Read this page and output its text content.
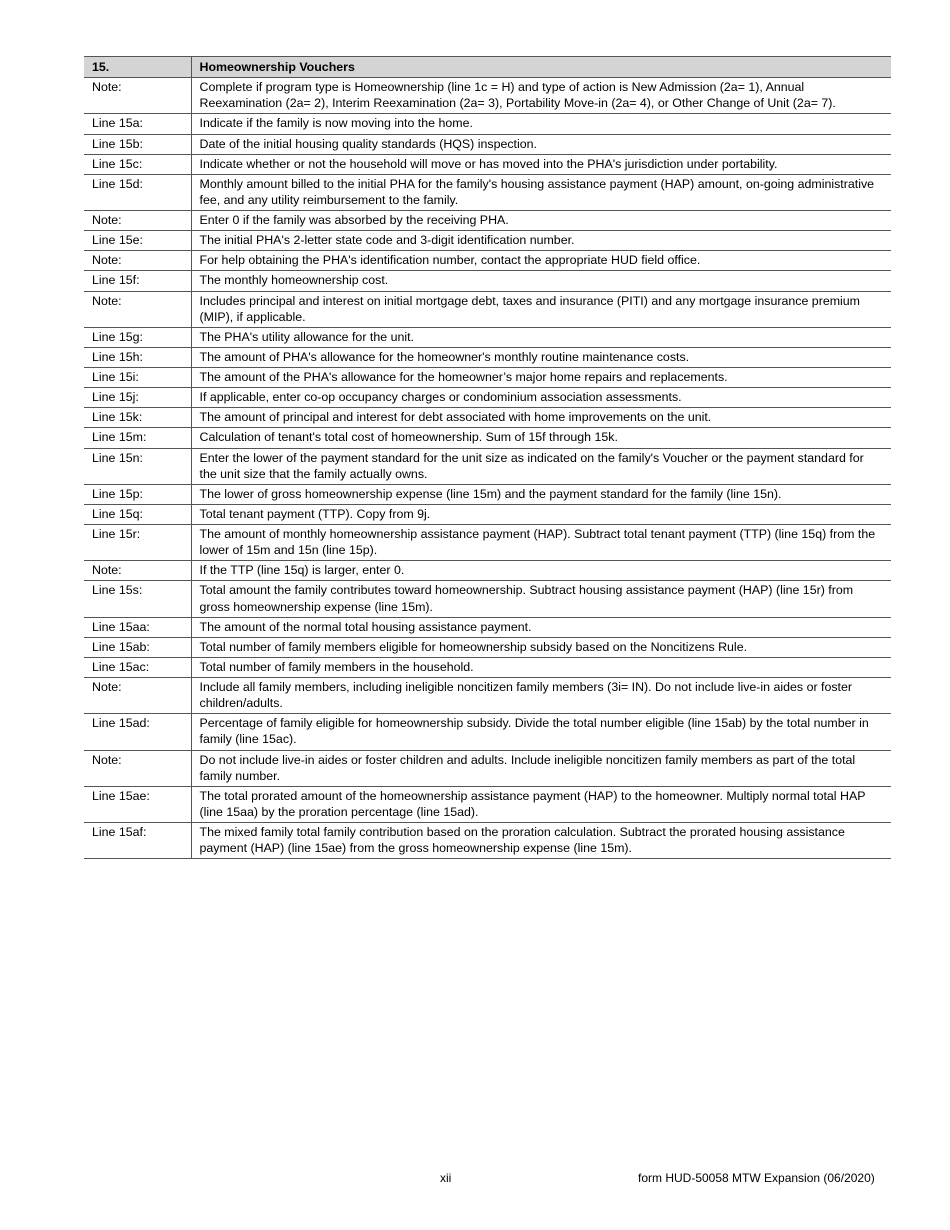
15.	Homeownership Vouchers
Note:	Complete if program type is Homeownership (line 1c = H) and type of action is New Admission (2a= 1), Annual Reexamination (2a= 2), Interim Reexamination (2a= 3), Portability Move-in (2a= 4), or Other Change of Unit (2a= 7).
Line 15a:	Indicate if the family is now moving into the home.
Line 15b:	Date of the initial housing quality standards (HQS) inspection.
Line 15c:	Indicate whether or not the household will move or has moved into the PHA's jurisdiction under portability.
Line 15d:	Monthly amount billed to the initial PHA for the family's housing assistance payment (HAP) amount, on-going administrative fee, and any utility reimbursement to the family.
Note:	Enter 0 if the family was absorbed by the receiving PHA.
Line 15e:	The initial PHA's 2-letter state code and 3-digit identification number.
Note:	For help obtaining the PHA's identification number, contact the appropriate HUD field office.
Line 15f:	The monthly homeownership cost.
Note:	Includes principal and interest on initial mortgage debt, taxes and insurance (PITI) and any mortgage insurance premium (MIP), if applicable.
Line 15g:	The PHA's utility allowance for the unit.
Line 15h:	The amount of PHA's allowance for the homeowner's monthly routine maintenance costs.
Line 15i:	The amount of the PHA's allowance for the homeowner’s major home repairs and replacements.
Line 15j:	If applicable, enter co-op occupancy charges or condominium association assessments.
Line 15k:	The amount of principal and interest for debt associated with home improvements on the unit.
Line 15m:	Calculation of tenant's total cost of homeownership. Sum of 15f through 15k.
Line 15n:	Enter the lower of the payment standard for the unit size as indicated on the family's Voucher or the payment standard for the unit size that the family actually owns.
Line 15p:	The lower of gross homeownership expense (line 15m) and the payment standard for the family (line 15n).
Line 15q:	Total tenant payment (TTP). Copy from 9j.
Line 15r:	The amount of monthly homeownership assistance payment (HAP). Subtract total tenant payment (TTP) (line 15q) from the lower of 15m and 15n (line 15p).
Note:	If the TTP (line 15q) is larger, enter 0.
Line 15s:	Total amount the family contributes toward homeownership. Subtract housing assistance payment (HAP) (line 15r) from gross homeownership expense (line 15m).
Line 15aa:	The amount of the normal total housing assistance payment.
Line 15ab:	Total number of family members eligible for homeownership subsidy based on the Noncitizens Rule.
Line 15ac:	Total number of family members in the household.
Note:	Include all family members, including ineligible noncitizen family members (3i= IN). Do not include live-in aides or foster children/adults.
Line 15ad:	Percentage of family eligible for homeownership subsidy. Divide the total number eligible (line 15ab) by the total number in family (line 15ac).
Note:	Do not include live-in aides or foster children and adults. Include ineligible noncitizen family members as part of the total family number.
Line 15ae:	The total prorated amount of the homeownership assistance payment (HAP) to the homeowner. Multiply normal total HAP (line 15aa) by the proration percentage (line 15ad).
Line 15af:	The mixed family total family contribution based on the proration calculation. Subtract the prorated housing assistance payment (HAP) (line 15ae) from the gross homeownership expense (line 15m).
xii	form HUD-50058 MTW Expansion (06/2020)
